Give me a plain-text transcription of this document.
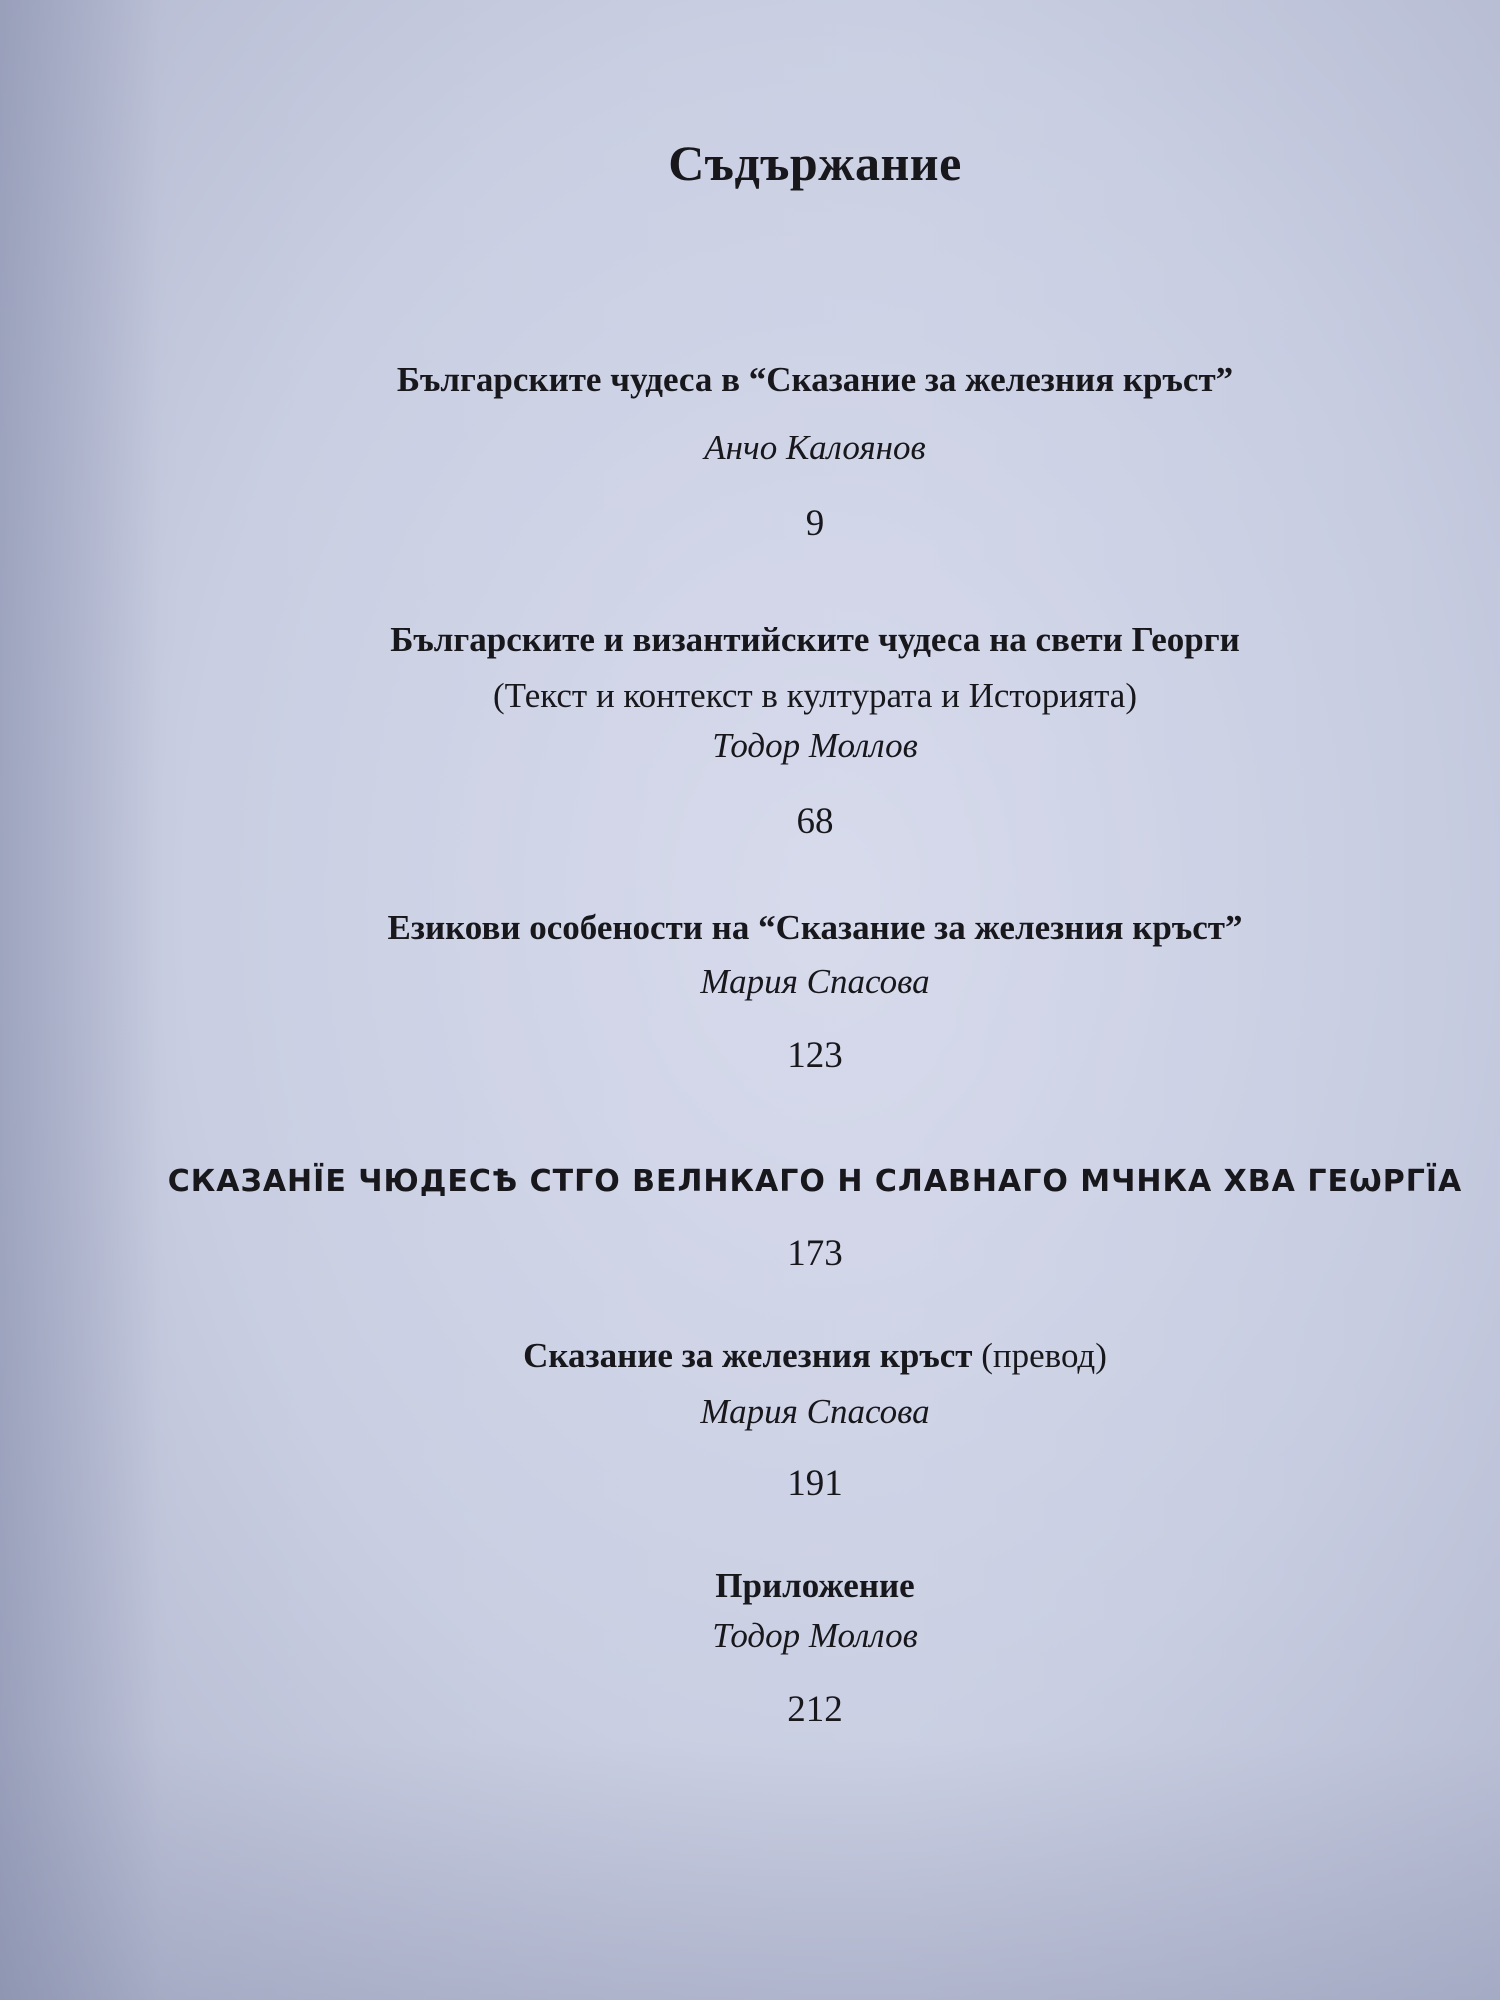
Съдържание
Българските чудеса в “Сказание за железния кръст”
Анчо Калоянов
9
Българските и византийските чудеса на свети Георги
(Текст и контекст в културата и Историята)
Тодор Моллов
68
Езикови особености на “Сказание за железния кръст”
Мария Спасова
123
СКАЗАНЇЕ ЧЮДЕСѢ СТГО ВЕЛНКАГО Н СЛАВНАГО МЧНКА ХВА ГЕѠРГЇА
173
Сказание за железния кръст (превод)
Мария Спасова
191
Приложение
Тодор Моллов
212
